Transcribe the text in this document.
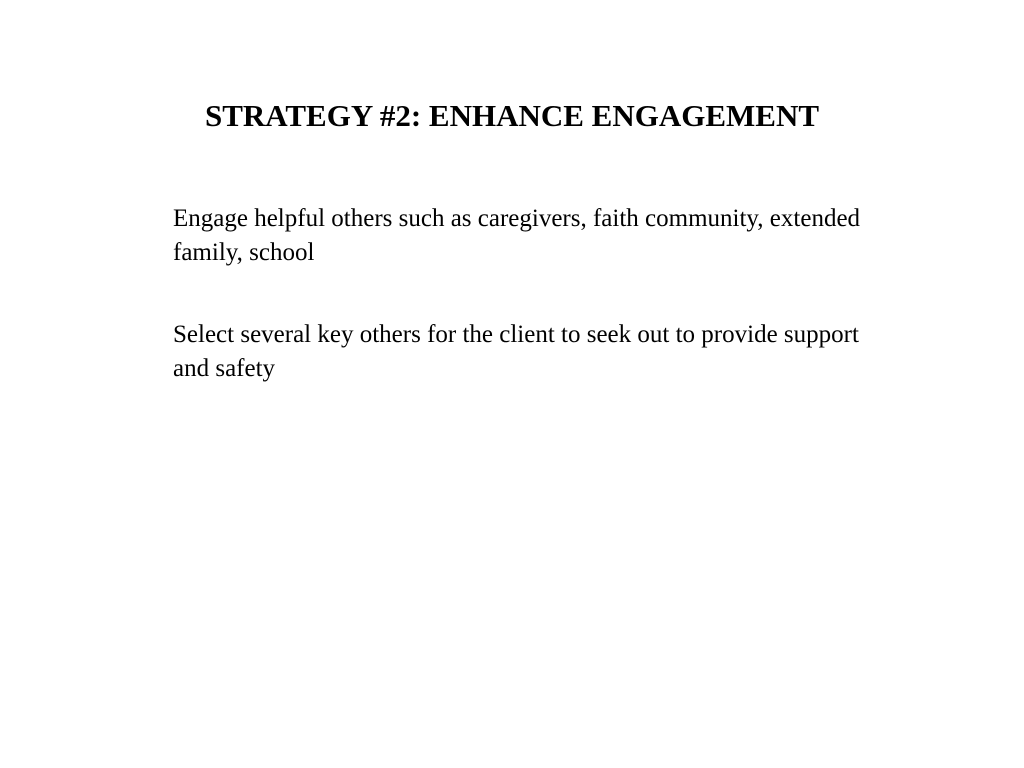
STRATEGY #2: ENHANCE ENGAGEMENT
Engage helpful others such as caregivers, faith community, extended family, school
Select several key others for the client to seek out to provide support and safety
